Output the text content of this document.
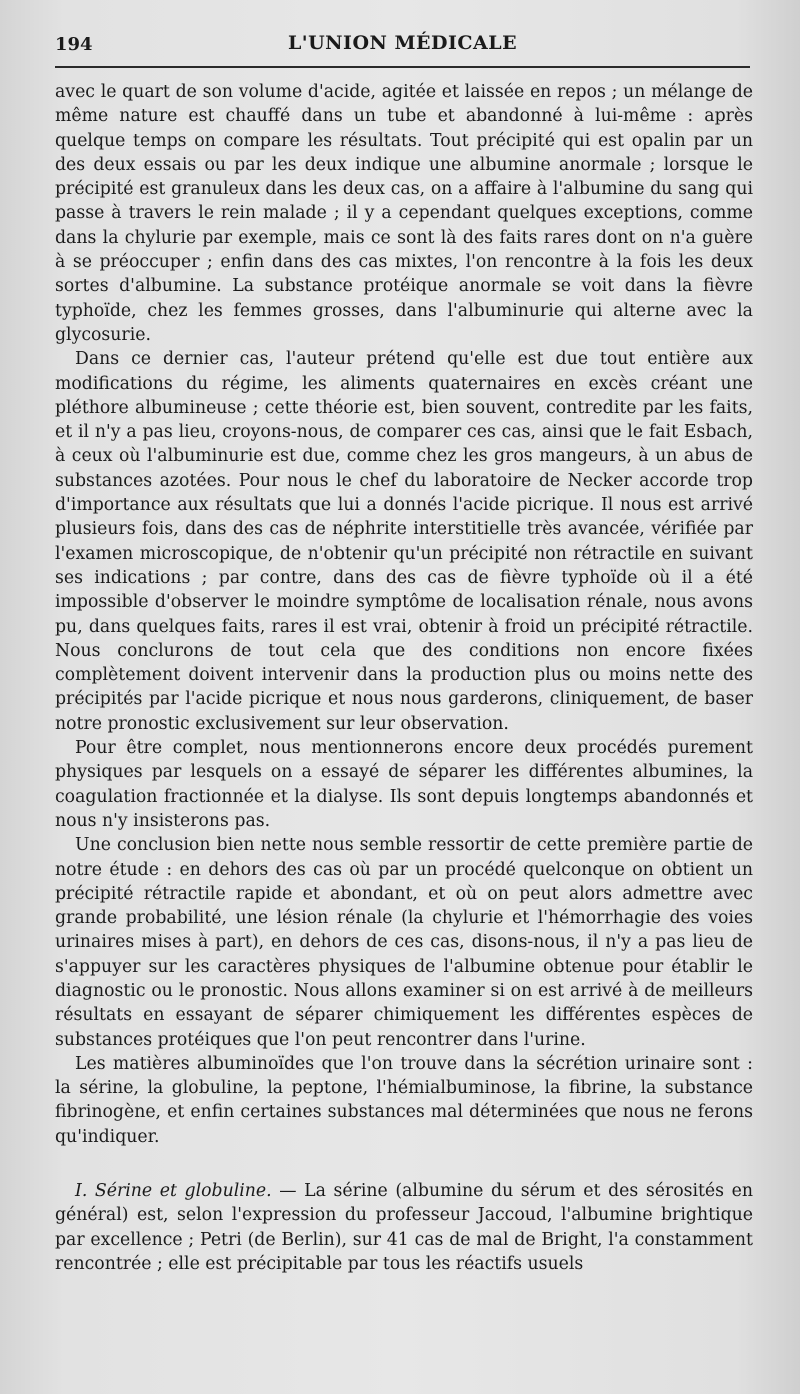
194	L'UNION MÉDICALE

avec le quart de son volume d'acide, agitée et laissée en repos ; un mélange de même nature est chauffé dans un tube et abandonné à lui-même : après quelque temps on compare les résultats. Tout précipité qui est opalin par un des deux essais ou par les deux indique une albumine anormale ; lorsque le précipité est granuleux dans les deux cas, on a affaire à l'albumine du sang qui passe à travers le rein malade ; il y a cependant quelques exceptions, comme dans la chylurie par exemple, mais ce sont là des faits rares dont on n'a guère à se préoccuper ; enfin dans des cas mixtes, l'on rencontre à la fois les deux sortes d'albumine. La substance protéique anormale se voit dans la fièvre typhoïde, chez les femmes grosses, dans l'albuminurie qui alterne avec la glycosurie.

Dans ce dernier cas, l'auteur prétend qu'elle est due tout entière aux modifications du régime, les aliments quaternaires en excès créant une pléthore albumineuse ; cette théorie est, bien souvent, contredite par les faits, et il n'y a pas lieu, croyons-nous, de comparer ces cas, ainsi que le fait Esbach, à ceux où l'albuminurie est due, comme chez les gros mangeurs, à un abus de substances azotées. Pour nous le chef du laboratoire de Necker accorde trop d'importance aux résultats que lui a donnés l'acide picrique. Il nous est arrivé plusieurs fois, dans des cas de néphrite interstitielle très avancée, vérifiée par l'examen microscopique, de n'obtenir qu'un précipité non rétractile en suivant ses indications ; par contre, dans des cas de fièvre typhoïde où il a été impossible d'observer le moindre symptôme de localisation rénale, nous avons pu, dans quelques faits, rares il est vrai, obtenir à froid un précipité rétractile. Nous conclurons de tout cela que des conditions non encore fixées complètement doivent intervenir dans la production plus ou moins nette des précipités par l'acide picrique et nous nous garderons, cliniquement, de baser notre pronostic exclusivement sur leur observation.

Pour être complet, nous mentionnerons encore deux procédés purement physiques par lesquels on a essayé de séparer les différentes albumines, la coagulation fractionnée et la dialyse. Ils sont depuis longtemps abandonnés et nous n'y insisterons pas.

Une conclusion bien nette nous semble ressortir de cette première partie de notre étude : en dehors des cas où par un procédé quelconque on obtient un précipité rétractile rapide et abondant, et où on peut alors admettre avec grande probabilité, une lésion rénale (la chylurie et l'hémorrhagie des voies urinaires mises à part), en dehors de ces cas, disons-nous, il n'y a pas lieu de s'appuyer sur les caractères physiques de l'albumine obtenue pour établir le diagnostic ou le pronostic. Nous allons examiner si on est arrivé à de meilleurs résultats en essayant de séparer chimiquement les différentes espèces de substances protéiques que l'on peut rencontrer dans l'urine.

Les matières albuminoïdes que l'on trouve dans la sécrétion urinaire sont : la sérine, la globuline, la peptone, l'hémialbuminose, la fibrine, la substance fibrinogène, et enfin certaines substances mal déterminées que nous ne ferons qu'indiquer.

I. Sérine et globuline. — La sérine (albumine du sérum et des sérosités en général) est, selon l'expression du professeur Jaccoud, l'albumine brightique par excellence ; Petri (de Berlin), sur 41 cas de mal de Bright, l'a constamment rencontrée ; elle est précipitable par tous les réactifs usuels
